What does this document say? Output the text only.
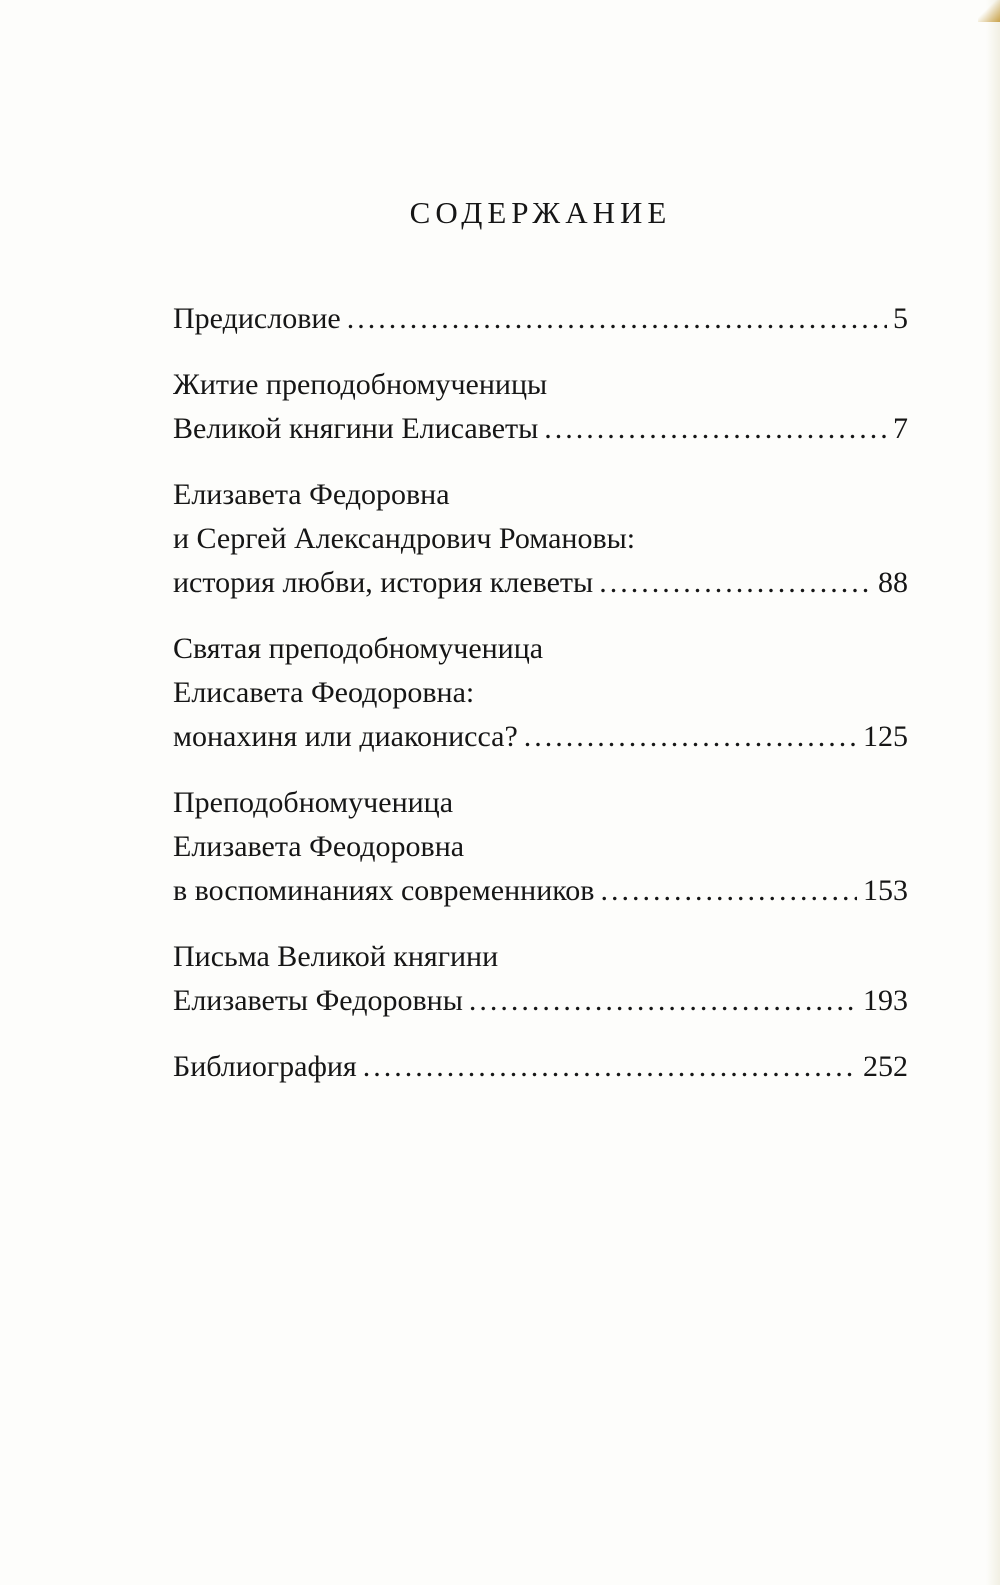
СОДЕРЖАНИЕ
Предисловие .....	5
Житие преподобномученицы
Великой княгини Елисаветы .....	7
Елизавета Федоровна
и Сергей Александрович Романовы:
история любви, история клеветы .....	88
Святая преподобномученица
Елисавета Феодоровна:
монахиня или диаконисса? .....	125
Преподобномученица
Елизавета Феодоровна
в воспоминаниях современников .....	153
Письма Великой княгини
Елизаветы Федоровны .....	193
Библиография .....	252
